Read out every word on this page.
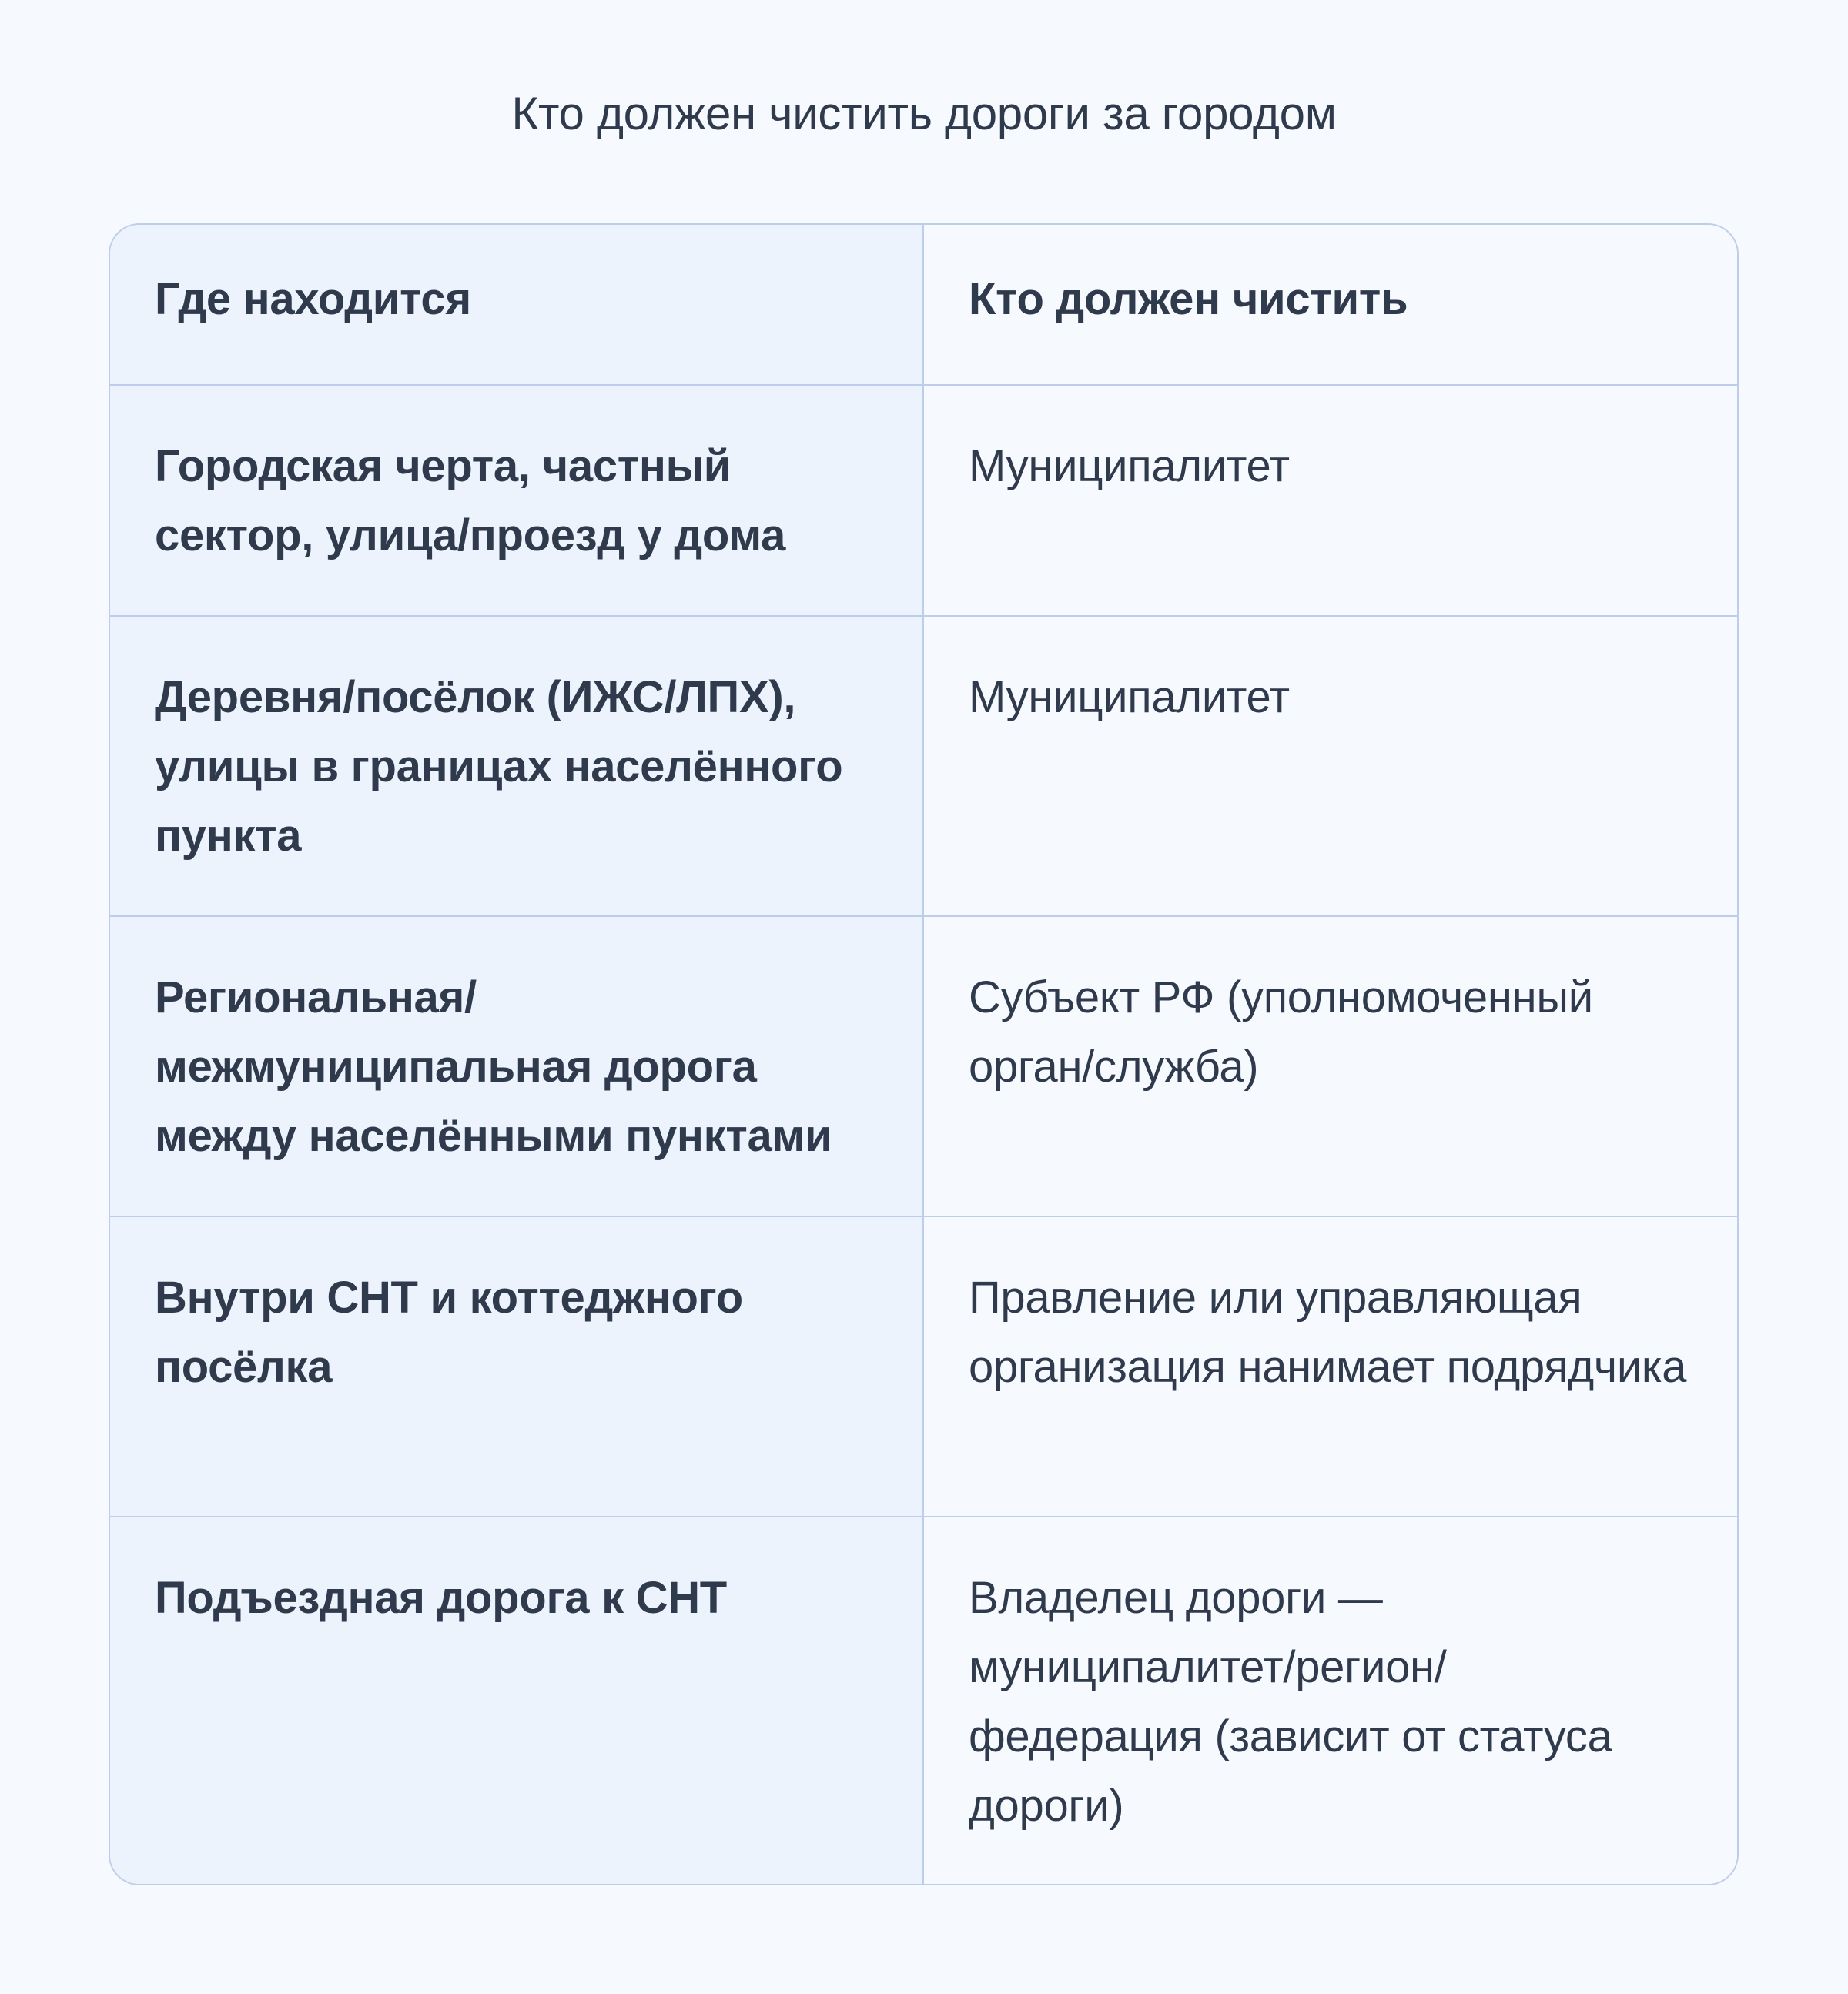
Кто должен чистить дороги за городом
Где находится	Кто должен чистить
Городская черта, частный сектор, улица/проезд у дома
Муниципалитет
Деревня/посёлок (ИЖС/ЛПХ), улицы в границах населённого пункта
Муниципалитет
Региональная/ межмуниципальная дорога между населёнными пунктами
Субъект РФ (уполномоченный орган/служба)
Внутри СНТ и коттеджного посёлка
Правление или управляющая организация нанимает подрядчика
Подъездная дорога к СНТ	Владелец дороги — муниципалитет/регион/ федерация (зависит от статуса дороги)
